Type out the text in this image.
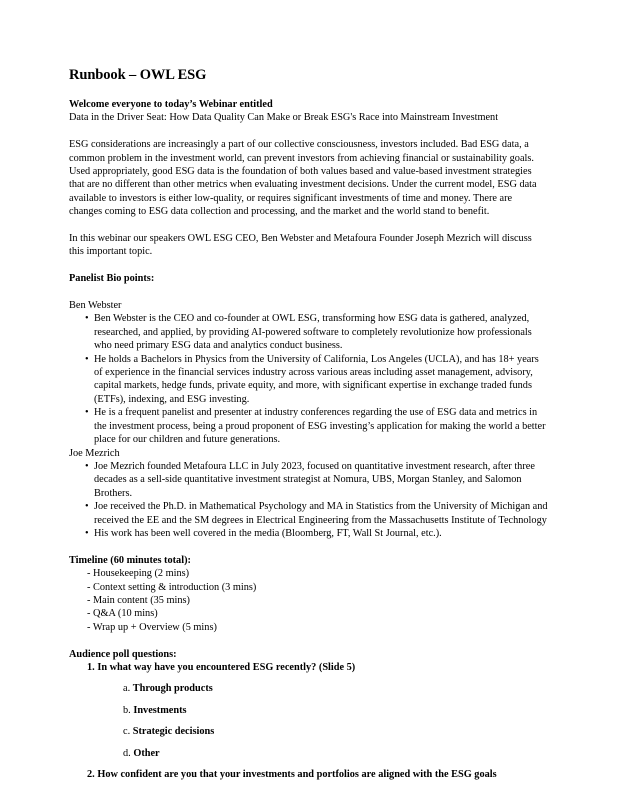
Runbook – OWL ESG

Welcome everyone to today’s Webinar entitled

Data in the Driver Seat: How Data Quality Can Make or Break ESG's Race into Mainstream Investment

ESG considerations are increasingly a part of our collective consciousness, investors included. Bad ESG data, a common problem in the investment world, can prevent investors from achieving financial or sustainability goals. Used appropriately, good ESG data is the foundation of both values based and value-based investment strategies that are no different than other metrics when evaluating investment decisions. Under the current model, ESG data available to investors is either low-quality, or requires significant investments of time and money. There are changes coming to ESG data collection and processing, and the market and the world stand to benefit.

In this webinar our speakers OWL ESG CEO, Ben Webster and Metafoura Founder Joseph Mezrich will discuss this important topic.

Panelist Bio points:

Ben Webster

• Ben Webster is the CEO and co-founder at OWL ESG, transforming how ESG data is gathered, analyzed, researched, and applied, by providing AI-powered software to completely revolutionize how professionals who need primary ESG data and analytics conduct business.
• He holds a Bachelors in Physics from the University of California, Los Angeles (UCLA), and has 18+ years of experience in the financial services industry across various areas including asset management, advisory, capital markets, hedge funds, private equity, and more, with significant expertise in exchange traded funds (ETFs), indexing, and ESG investing.
• He is a frequent panelist and presenter at industry conferences regarding the use of ESG data and metrics in the investment process, being a proud proponent of ESG investing’s application for making the world a better place for our children and future generations.

Joe Mezrich

• Joe Mezrich founded Metafoura LLC in July 2023, focused on quantitative investment research, after three decades as a sell-side quantitative investment strategist at Nomura, UBS, Morgan Stanley, and Salomon Brothers.
• Joe received the Ph.D. in Mathematical Psychology and MA in Statistics from the University of Michigan and received the EE and the SM degrees in Electrical Engineering from the Massachusetts Institute of Technology
• His work has been well covered in the media (Bloomberg, FT, Wall St Journal, etc.).

Timeline (60 minutes total):

- Housekeeping (2 mins)

- Context setting & introduction (3 mins)

- Main content (35 mins)

- Q&A (10 mins)

- Wrap up + Overview (5 mins)

Audience poll questions:

1. In what way have you encountered ESG recently? (Slide 5)

a. Through products

b. Investments

c. Strategic decisions

d. Other

2. How confident are you that your investments and portfolios are aligned with the ESG goals
